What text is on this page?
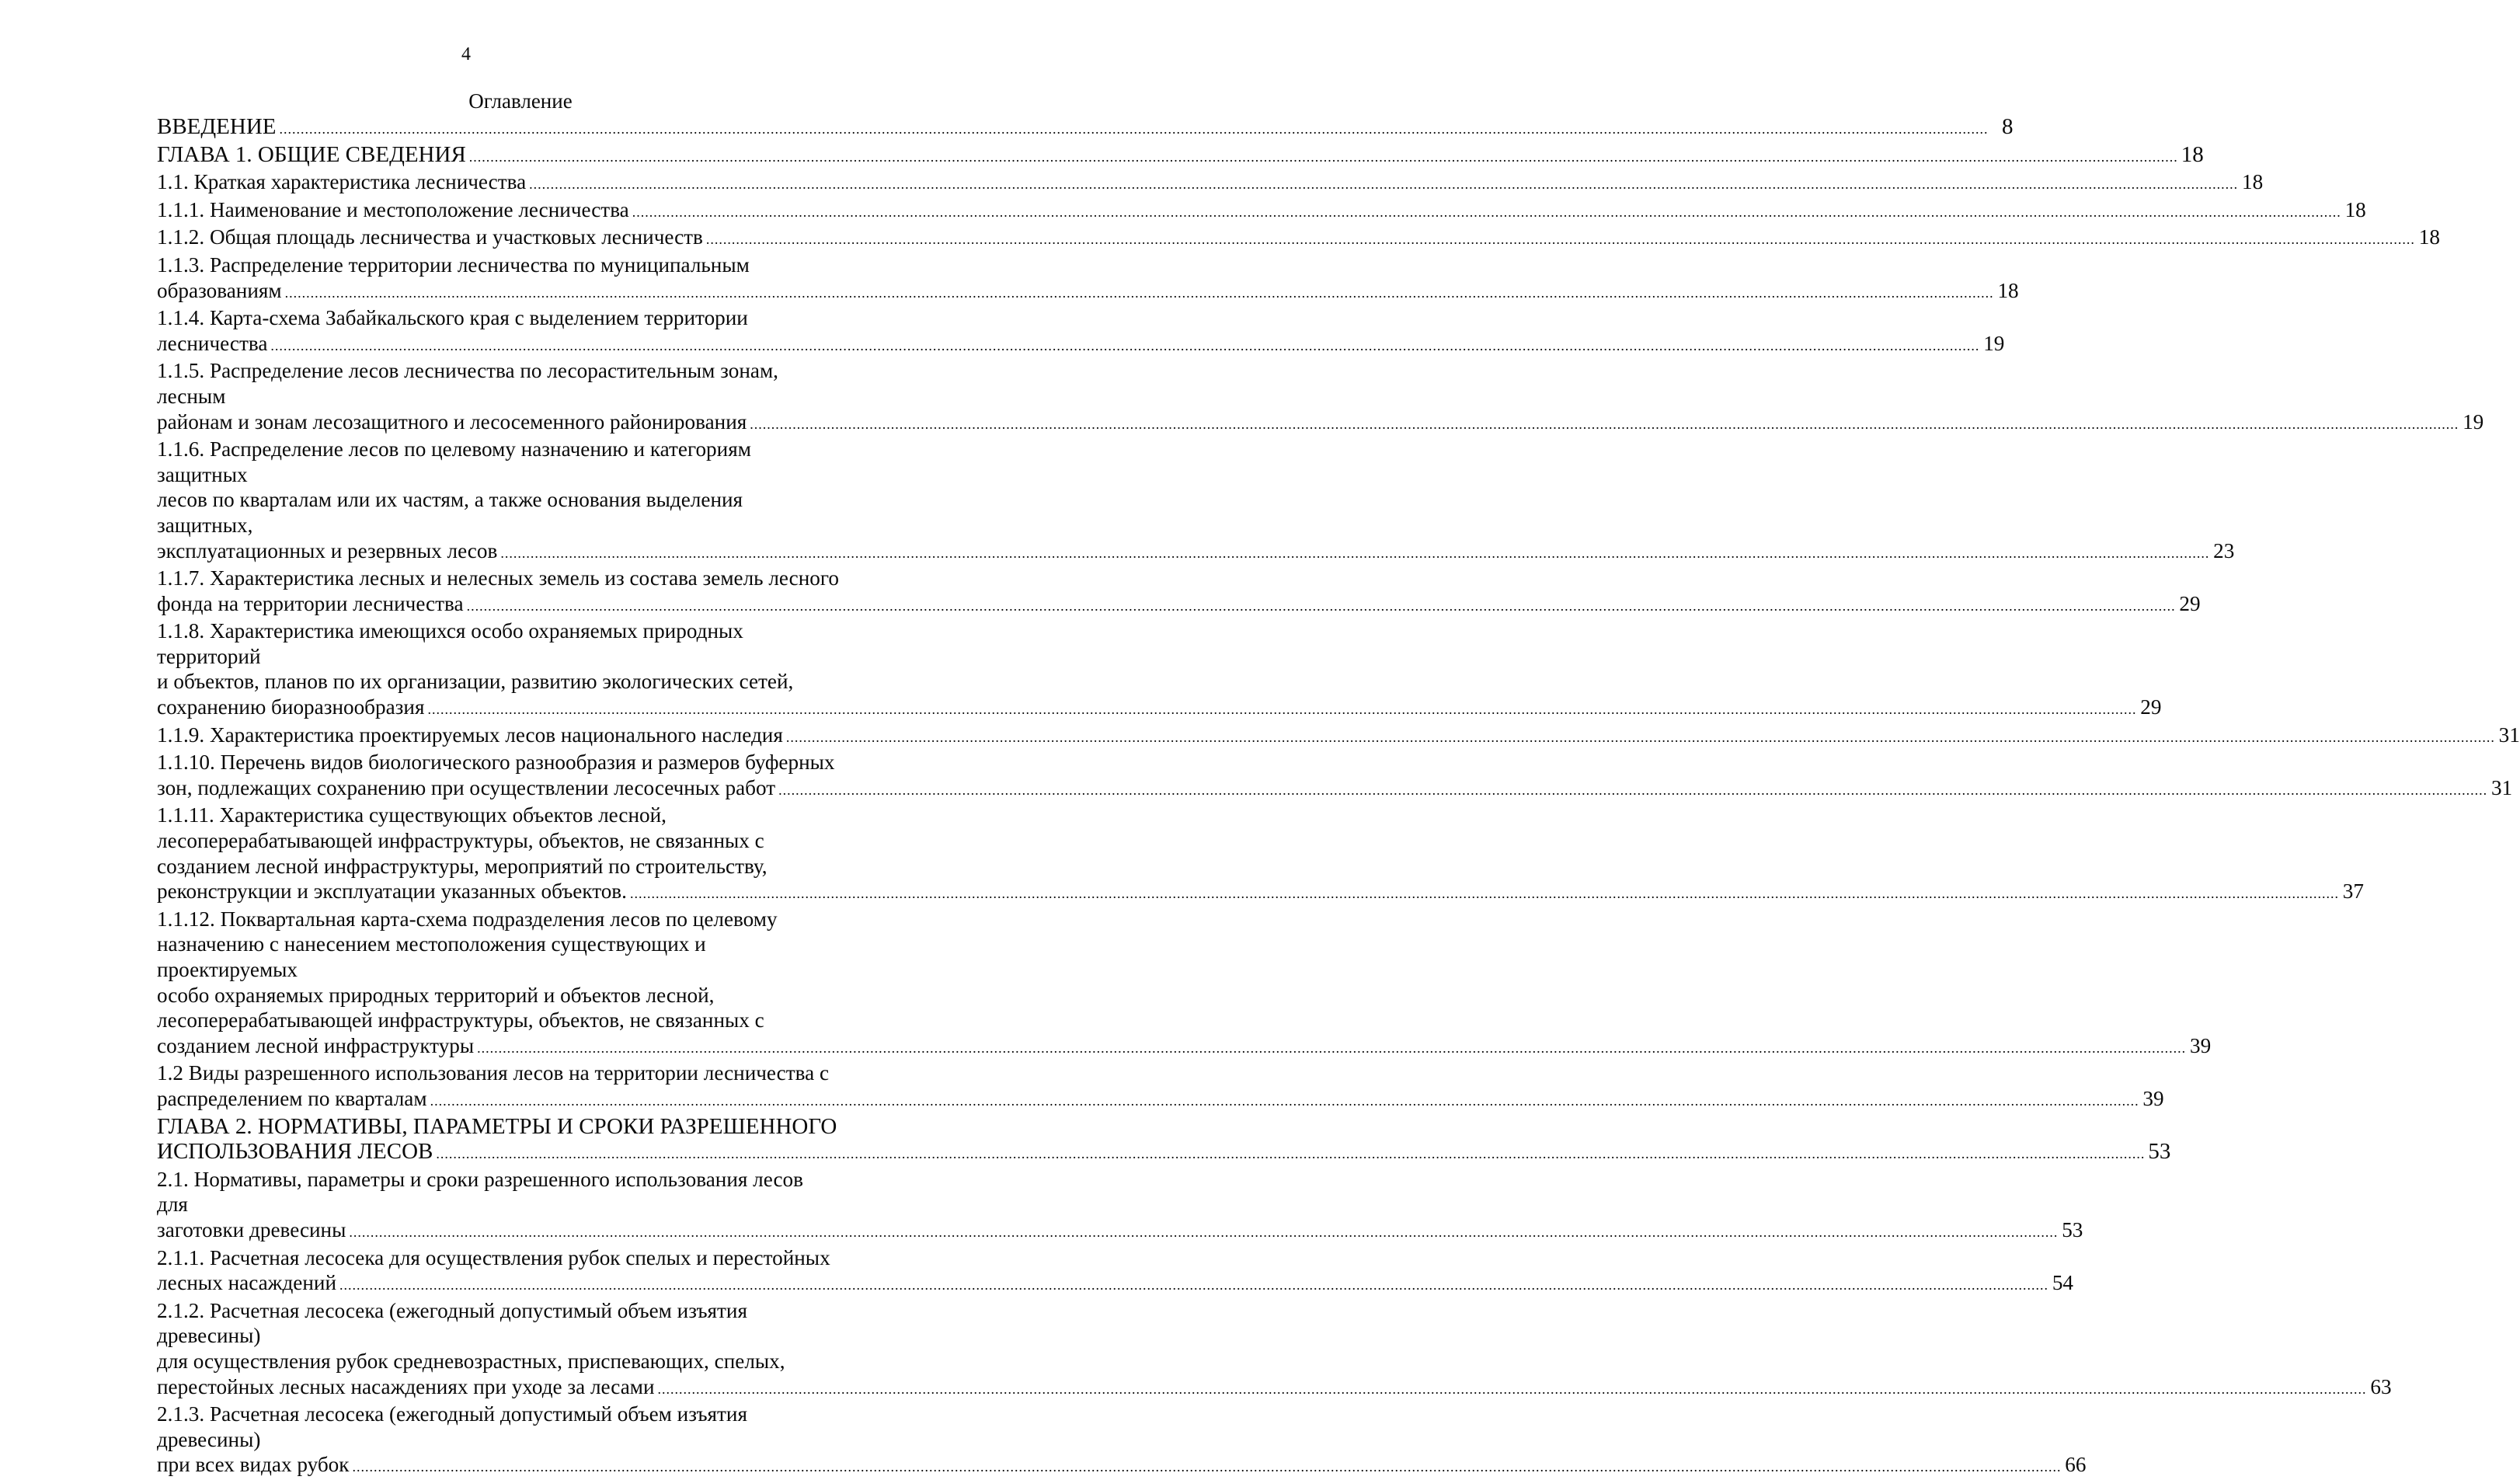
4
Оглавление
ВВЕДЕНИЕ ................................................................................................................................................................................................................................................................................................................................................................................................................ 8
ГЛАВА 1. ОБЩИЕ СВЕДЕНИЯ ................................................................................................................................................................................................................................................................................................................................................................................................................ 18
1.1. Краткая характеристика лесничества ................................................................................................................................................................................................................................................................................................................................................................................................................ 18
1.1.1. Наименование и местоположение лесничества ................................................................................................................................................................................................................................................................................................................................................................................................................ 18
1.1.2. Общая площадь лесничества и участковых лесничеств ................................................................................................................................................................................................................................................................................................................................................................................................................ 18
1.1.3. Распределение территории лесничества по муниципальным
образованиям ................................................................................................................................................................................................................................................................................................................................................................................................................ 18
1.1.4. Карта-схема Забайкальского края с выделением территории
лесничества ................................................................................................................................................................................................................................................................................................................................................................................................................ 19
1.1.5. Распределение лесов лесничества по лесорастительным зонам, лесным
районам и зонам лесозащитного и лесосеменного районирования ................................................................................................................................................................................................................................................................................................................................................................................................................ 19
1.1.6. Распределение лесов по целевому назначению и категориям защитных
лесов по кварталам или их частям, а также основания выделения защитных,
эксплуатационных и резервных лесов ................................................................................................................................................................................................................................................................................................................................................................................................................ 23
1.1.7. Характеристика лесных и нелесных земель из состава земель лесного
фонда на территории лесничества ................................................................................................................................................................................................................................................................................................................................................................................................................ 29
1.1.8. Характеристика имеющихся особо охраняемых природных территорий
и объектов, планов по их организации, развитию экологических сетей,
сохранению биоразнообразия ................................................................................................................................................................................................................................................................................................................................................................................................................ 29
1.1.9. Характеристика проектируемых лесов национального наследия ................................................................................................................................................................................................................................................................................................................................................................................................................ 31
1.1.10. Перечень видов биологического разнообразия и размеров буферных
зон, подлежащих сохранению при осуществлении лесосечных работ ................................................................................................................................................................................................................................................................................................................................................................................................................ 31
1.1.11. Характеристика существующих объектов лесной,
лесоперерабатывающей инфраструктуры, объектов, не связанных с
созданием лесной инфраструктуры, мероприятий по строительству,
реконструкции и эксплуатации указанных объектов. ................................................................................................................................................................................................................................................................................................................................................................................................................ 37
1.1.12. Поквартальная карта-схема подразделения лесов по целевому
назначению с нанесением местоположения существующих и проектируемых
особо охраняемых природных территорий и объектов лесной,
лесоперерабатывающей инфраструктуры, объектов, не связанных с
созданием лесной инфраструктуры ................................................................................................................................................................................................................................................................................................................................................................................................................ 39
1.2 Виды разрешенного использования лесов на территории лесничества с
распределением по кварталам ................................................................................................................................................................................................................................................................................................................................................................................................................ 39
ГЛАВА 2. НОРМАТИВЫ, ПАРАМЕТРЫ И СРОКИ РАЗРЕШЕННОГО
ИСПОЛЬЗОВАНИЯ ЛЕСОВ ................................................................................................................................................................................................................................................................................................................................................................................................................ 53
2.1. Нормативы, параметры и сроки разрешенного использования лесов для
заготовки древесины ................................................................................................................................................................................................................................................................................................................................................................................................................ 53
2.1.1. Расчетная лесосека для осуществления рубок спелых и перестойных
лесных насаждений ................................................................................................................................................................................................................................................................................................................................................................................................................ 54
2.1.2. Расчетная лесосека (ежегодный допустимый объем изъятия древесины)
для осуществления рубок средневозрастных, приспевающих, спелых,
перестойных лесных насаждениях при уходе за лесами ................................................................................................................................................................................................................................................................................................................................................................................................................ 63
2.1.3. Расчетная лесосека (ежегодный допустимый объем изъятия древесины)
при всех видах рубок ................................................................................................................................................................................................................................................................................................................................................................................................................ 66
